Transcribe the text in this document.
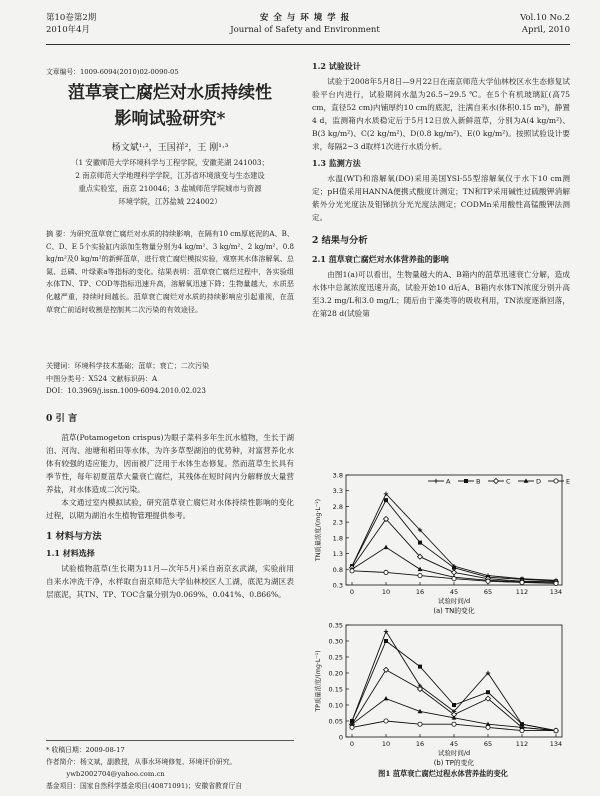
第10卷第2期
2010年4月
安 全 与 环 境 学 报
Journal of Safety and Environment
Vol.10 No.2
April, 2010
文章编号：1009-6094(2010)02-0090-05
菹草衰亡腐烂对水质持续性
影响试验研究*
杨文斌¹·²，王国祥²，王 刚¹·³
（1 安徽师范大学环境科学与工程学院，安徽芜湖 241003；
2 南京师范大学地理科学学院，江苏省环境演变与生态建设
重点实验室，南京 210046；3 盐城师范学院城市与资源
环境学院，江苏盐城 224002）
摘 要：为研究菹草衰亡腐烂对水质的持续影响，在隔有10 cm厚底泥的A、B、C、D、E 5个实验缸内添加生物量分别为4 kg/m²、3 kg/m²、2 kg/m²、0.8 kg/m²及0 kg/m²的新鲜菹草，进行衰亡腐烂模拟实验，观察其水体溶解氧、总氮、总磷、叶绿素a等指标的变化。结果表明：菹草衰亡腐烂过程中，各实验组水体TN、TP、COD等指标迅速升高，溶解氧迅速下降；生物量越大，水质恶化越严重，持续时间越长。菹草衰亡腐烂对水质的持续影响应引起重视，在菹草衰亡前适时收割是控制其二次污染的有效途径。
关键词：环境科学技术基础；菹草；衰亡；二次污染
中图分类号：X524 文献标识码：A
DOI：10.3969/j.issn.1009-6094.2010.02.023
0 引 言

菹草(Potamogeton crispus)为眼子菜科多年生沉水植物，生长于湖泊、河沟、池塘和稻田等水体，为许多草型湖泊的优势种，对富营养化水体有较强的适应能力，因而被广泛用于水体生态修复。然而菹草生长具有季节性，每年初夏菹草大量衰亡腐烂，其残体在短时间内分解释放大量营养盐，对水体造成二次污染。

本文通过室内模拟试验，研究菹草衰亡腐烂对水体持续性影响的变化过程，以期为湖泊水生植物管理提供参考。

1 材料与方法
1.1 材料选择

试验植物菹草(生长期为11月—次年5月)采自南京玄武湖，实验前用自来水冲洗干净，水样取自南京师范大学仙林校区人工湖，底泥为湖区表层底泥，其TN、TP、TOC含量分别为0.069%、0.041%、0.866%。

* 收稿日期：2009-08-17
作者简介：杨文斌，副教授，从事水环境修复、环境评价研究。
ywb2002704@yahoo.com.cn
基金项目：国家自然科学基金项目(40871091)；安徽省教育厅自
1.2 试验设计

试验于2008年5月8日—9月22日在南京师范大学仙林校区水生态修复试验平台内进行，试验期间水温为26.5~29.5 ℃。在5个有机玻璃缸(高75 cm，直径52 cm)内铺厚约10 cm的底泥，注满自来水(体积0.15 m³)，静置4 d，监测箱内水质稳定后于5月12日放入新鲜菹草，分别为A(4 kg/m²)、B(3 kg/m²)、C(2 kg/m²)、D(0.8 kg/m²)、E(0 kg/m²)。按照试验设计要求，每隔2~3 d取样1次进行水质分析。

1.3 监测方法

水温(WT)和溶解氧(DO)采用美国YSI-55型溶解氧仪于水下10 cm测定；pH值采用HANNA便携式酸度计测定；TN和TP采用碱性过硫酸钾消解紫外分光光度法及钼锑抗分光光度法测定；CODMn采用酸性高锰酸钾法测定。

2 结果与分析
2.1 菹草衰亡腐烂对水体营养盐的影响

由图1(a)可以看出，生物量越大的A、B箱内的菹草迅速衰亡分解，造成水体中总氮浓度迅速升高，试验开始10 d后A、B箱内水体TN浓度分别升高至3.2 mg/L和3.0 mg/L；随后由于藻类等的吸收利用，TN浓度逐渐回落，在第28 d(试验第

0.3
0.8
1.3
1.8
2.3
2.8
3.3
3.8
0	10	16	45	65	112	134
试验时间/d
(a) TN的变化
TN质量浓度/(mg·L⁻¹)
A	B	C	D	E
0
0.05
0.10
0.15
0.20
0.25
0.30
0.35
0	10	16	45	65	112	134
试验时间/d
(b) TP的变化
TP质量浓度/(mg·L⁻¹)
图1 菹草衰亡腐烂过程水体营养盐的变化
